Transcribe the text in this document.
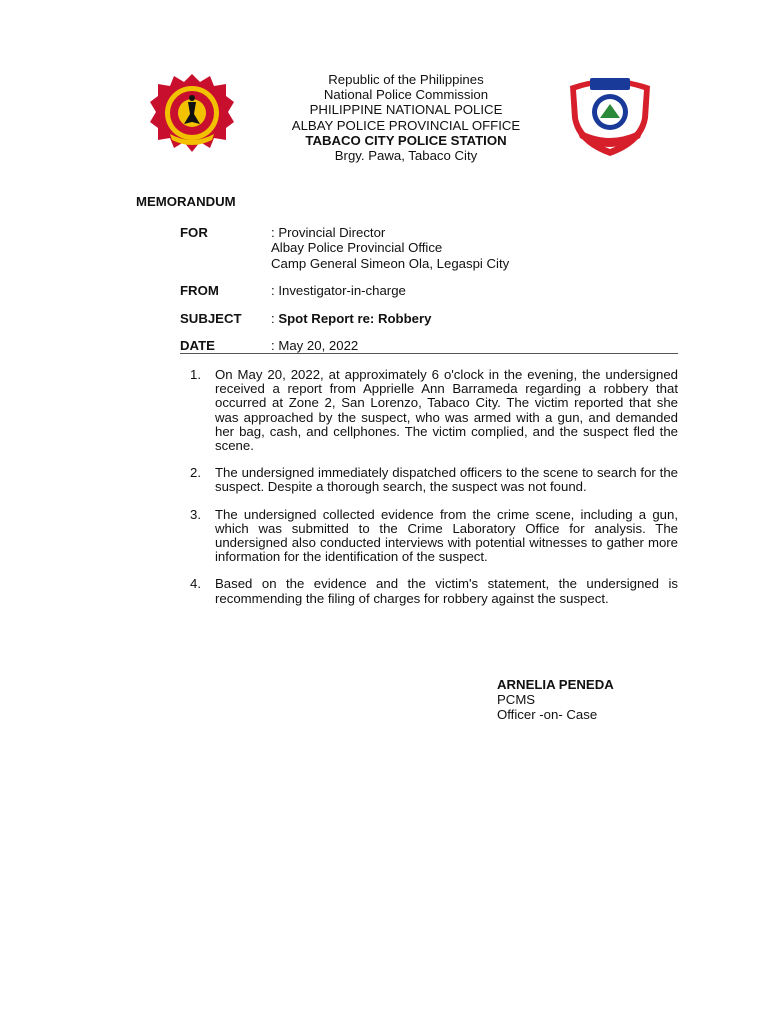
Republic of the Philippines
National Police Commission
PHILIPPINE NATIONAL POLICE
ALBAY POLICE PROVINCIAL OFFICE
TABACO CITY POLICE STATION
Brgy. Pawa, Tabaco City
MEMORANDUM
FOR	: Provincial Director
Albay Police Provincial Office
Camp General Simeon Ola, Legaspi City
FROM	: Investigator-in-charge
SUBJECT : Spot Report re: Robbery
DATE	: May 20, 2022
1. On May 20, 2022, at approximately 6 o'clock in the evening, the undersigned received a report from Apprielle Ann Barrameda regarding a robbery that occurred at Zone 2, San Lorenzo, Tabaco City. The victim reported that she was approached by the suspect, who was armed with a gun, and demanded her bag, cash, and cellphones. The victim complied, and the suspect fled the scene.
2. The undersigned immediately dispatched officers to the scene to search for the suspect. Despite a thorough search, the suspect was not found.
3. The undersigned collected evidence from the crime scene, including a gun, which was submitted to the Crime Laboratory Office for analysis. The undersigned also conducted interviews with potential witnesses to gather more information for the identification of the suspect.
4. Based on the evidence and the victim's statement, the undersigned is recommending the filing of charges for robbery against the suspect.
ARNELIA PENEDA
PCMS
Officer -on- Case
